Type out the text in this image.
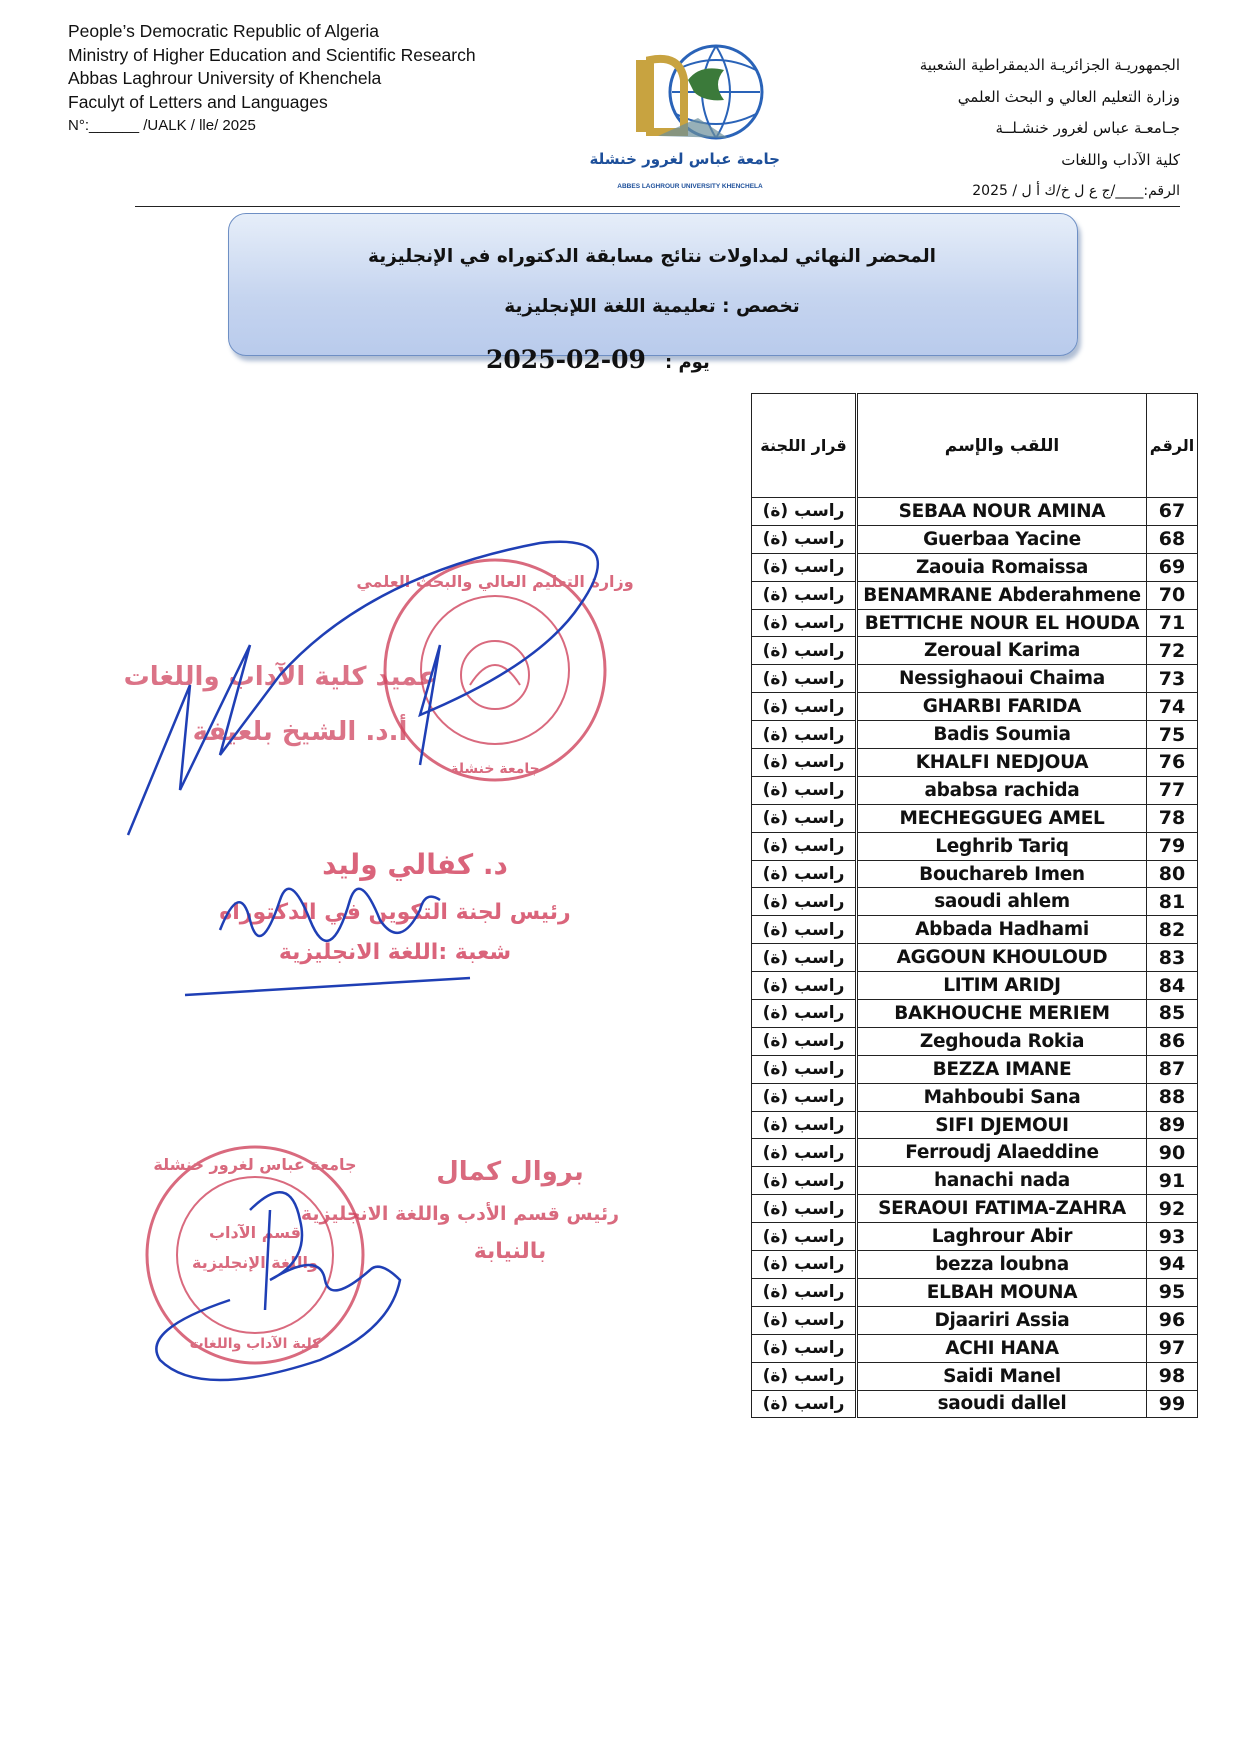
People’s Democratic Republic of Algeria
Ministry of Higher Education and Scientific Research
Abbas Laghrour University of Khenchela
Faculyt of Letters and Languages
N°:______ /UALK / lle/ 2025
الجمهوريـة الجزائريـة الديمقراطية الشعبية
وزارة التعليم العالي و البحث العلمي
جـامعـة عباس لغرور خنشـلــة
كلية الآداب واللغات
الرقم:____/ج ع ل خ/ك أ ل / 2025
جامعة عباس لغرور خنشلة
ABBES LAGHROUR UNIVERSITY KHENCHELA
المحضر النهائي لمداولات نتائج مسابقة الدكتوراه في الإنجليزية
تخصص : تعليمية اللغة اللإنجليزية
2025-02-09 يوم :
قرار اللجنة	اللقب والإسم	الرقم
راسب (ة)	SEBAA NOUR AMINA	67
راسب (ة)	Guerbaa Yacine	68
راسب (ة)	Zaouia Romaissa	69
راسب (ة)	BENAMRANE Abderahmene	70
راسب (ة)	BETTICHE NOUR EL HOUDA	71
راسب (ة)	Zeroual Karima	72
راسب (ة)	Nessighaoui Chaima	73
راسب (ة)	GHARBI FARIDA	74
راسب (ة)	Badis Soumia	75
راسب (ة)	KHALFI NEDJOUA	76
راسب (ة)	ababsa rachida	77
راسب (ة)	MECHEGGUEG AMEL	78
راسب (ة)	Leghrib Tariq	79
راسب (ة)	Bouchareb Imen	80
راسب (ة)	saoudi ahlem	81
راسب (ة)	Abbada Hadhami	82
راسب (ة)	AGGOUN KHOULOUD	83
راسب (ة)	LITIM ARIDJ	84
راسب (ة)	BAKHOUCHE MERIEM	85
راسب (ة)	Zeghouda Rokia	86
راسب (ة)	BEZZA IMANE	87
راسب (ة)	Mahboubi Sana	88
راسب (ة)	SIFI DJEMOUI	89
راسب (ة)	Ferroudj Alaeddine	90
راسب (ة)	hanachi nada	91
راسب (ة)	SERAOUI FATIMA-ZAHRA	92
راسب (ة)	Laghrour Abir	93
راسب (ة)	bezza loubna	94
راسب (ة)	ELBAH MOUNA	95
راسب (ة)	Djaariri Assia	96
راسب (ة)	ACHI HANA	97
راسب (ة)	Saidi Manel	98
راسب (ة)	saoudi dallel	99
وزارة التعليم العالي والبحث العلمي
جامعة خنشلة
عميد كلية الآداب واللغات
أ.د. الشيخ بلعيفة
د. كفالي وليد
رئيس لجنة التكوين في الدكتوراه
شعبة :اللغة الانجليزية
جامعة عباس لغرور خنشلة
قسم الآداب
واللغة الإنجليزية
كلية الآداب واللغات
بروال كمال
رئيس قسم الأدب واللغة الانجليزية
بالنيابة
